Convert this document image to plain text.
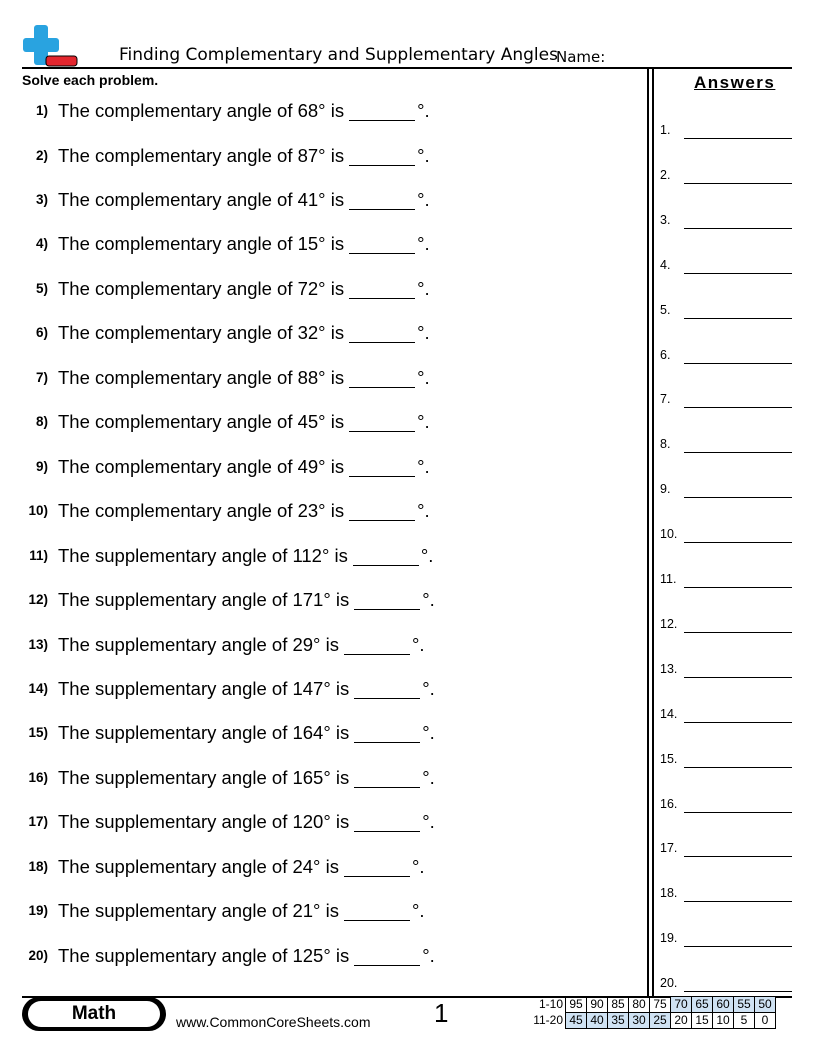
Finding Complementary and Supplementary Angles
Name:
Solve each problem.
1) The complementary angle of 68° is	°.
2) The complementary angle of 87° is	°.
3) The complementary angle of 41° is	°.
4) The complementary angle of 15° is	°.
5) The complementary angle of 72° is	°.
6) The complementary angle of 32° is	°.
7) The complementary angle of 88° is	°.
8) The complementary angle of 45° is	°.
9) The complementary angle of 49° is	°.
10) The complementary angle of 23° is	°.
11) The supplementary angle of 112° is	°.
12) The supplementary angle of 171° is	°.
13) The supplementary angle of 29° is	°.
14) The supplementary angle of 147° is	°.
15) The supplementary angle of 164° is	°.
16) The supplementary angle of 165° is	°.
17) The supplementary angle of 120° is	°.
18) The supplementary angle of 24° is	°.
19) The supplementary angle of 21° is	°.
20) The supplementary angle of 125° is	°.
Answers
1.
2.
3.
4.
5.
6.
7.
8.
9.
10.
11.
12.
13.
14.
15.
16.
17.
18.
19.
20.
Math	www.CommonCoreSheets.com 1	1-10	95	90	85	80	75	70	65	60	55	50
11-20	45	40	35	30	25	20	15	10	5	0
